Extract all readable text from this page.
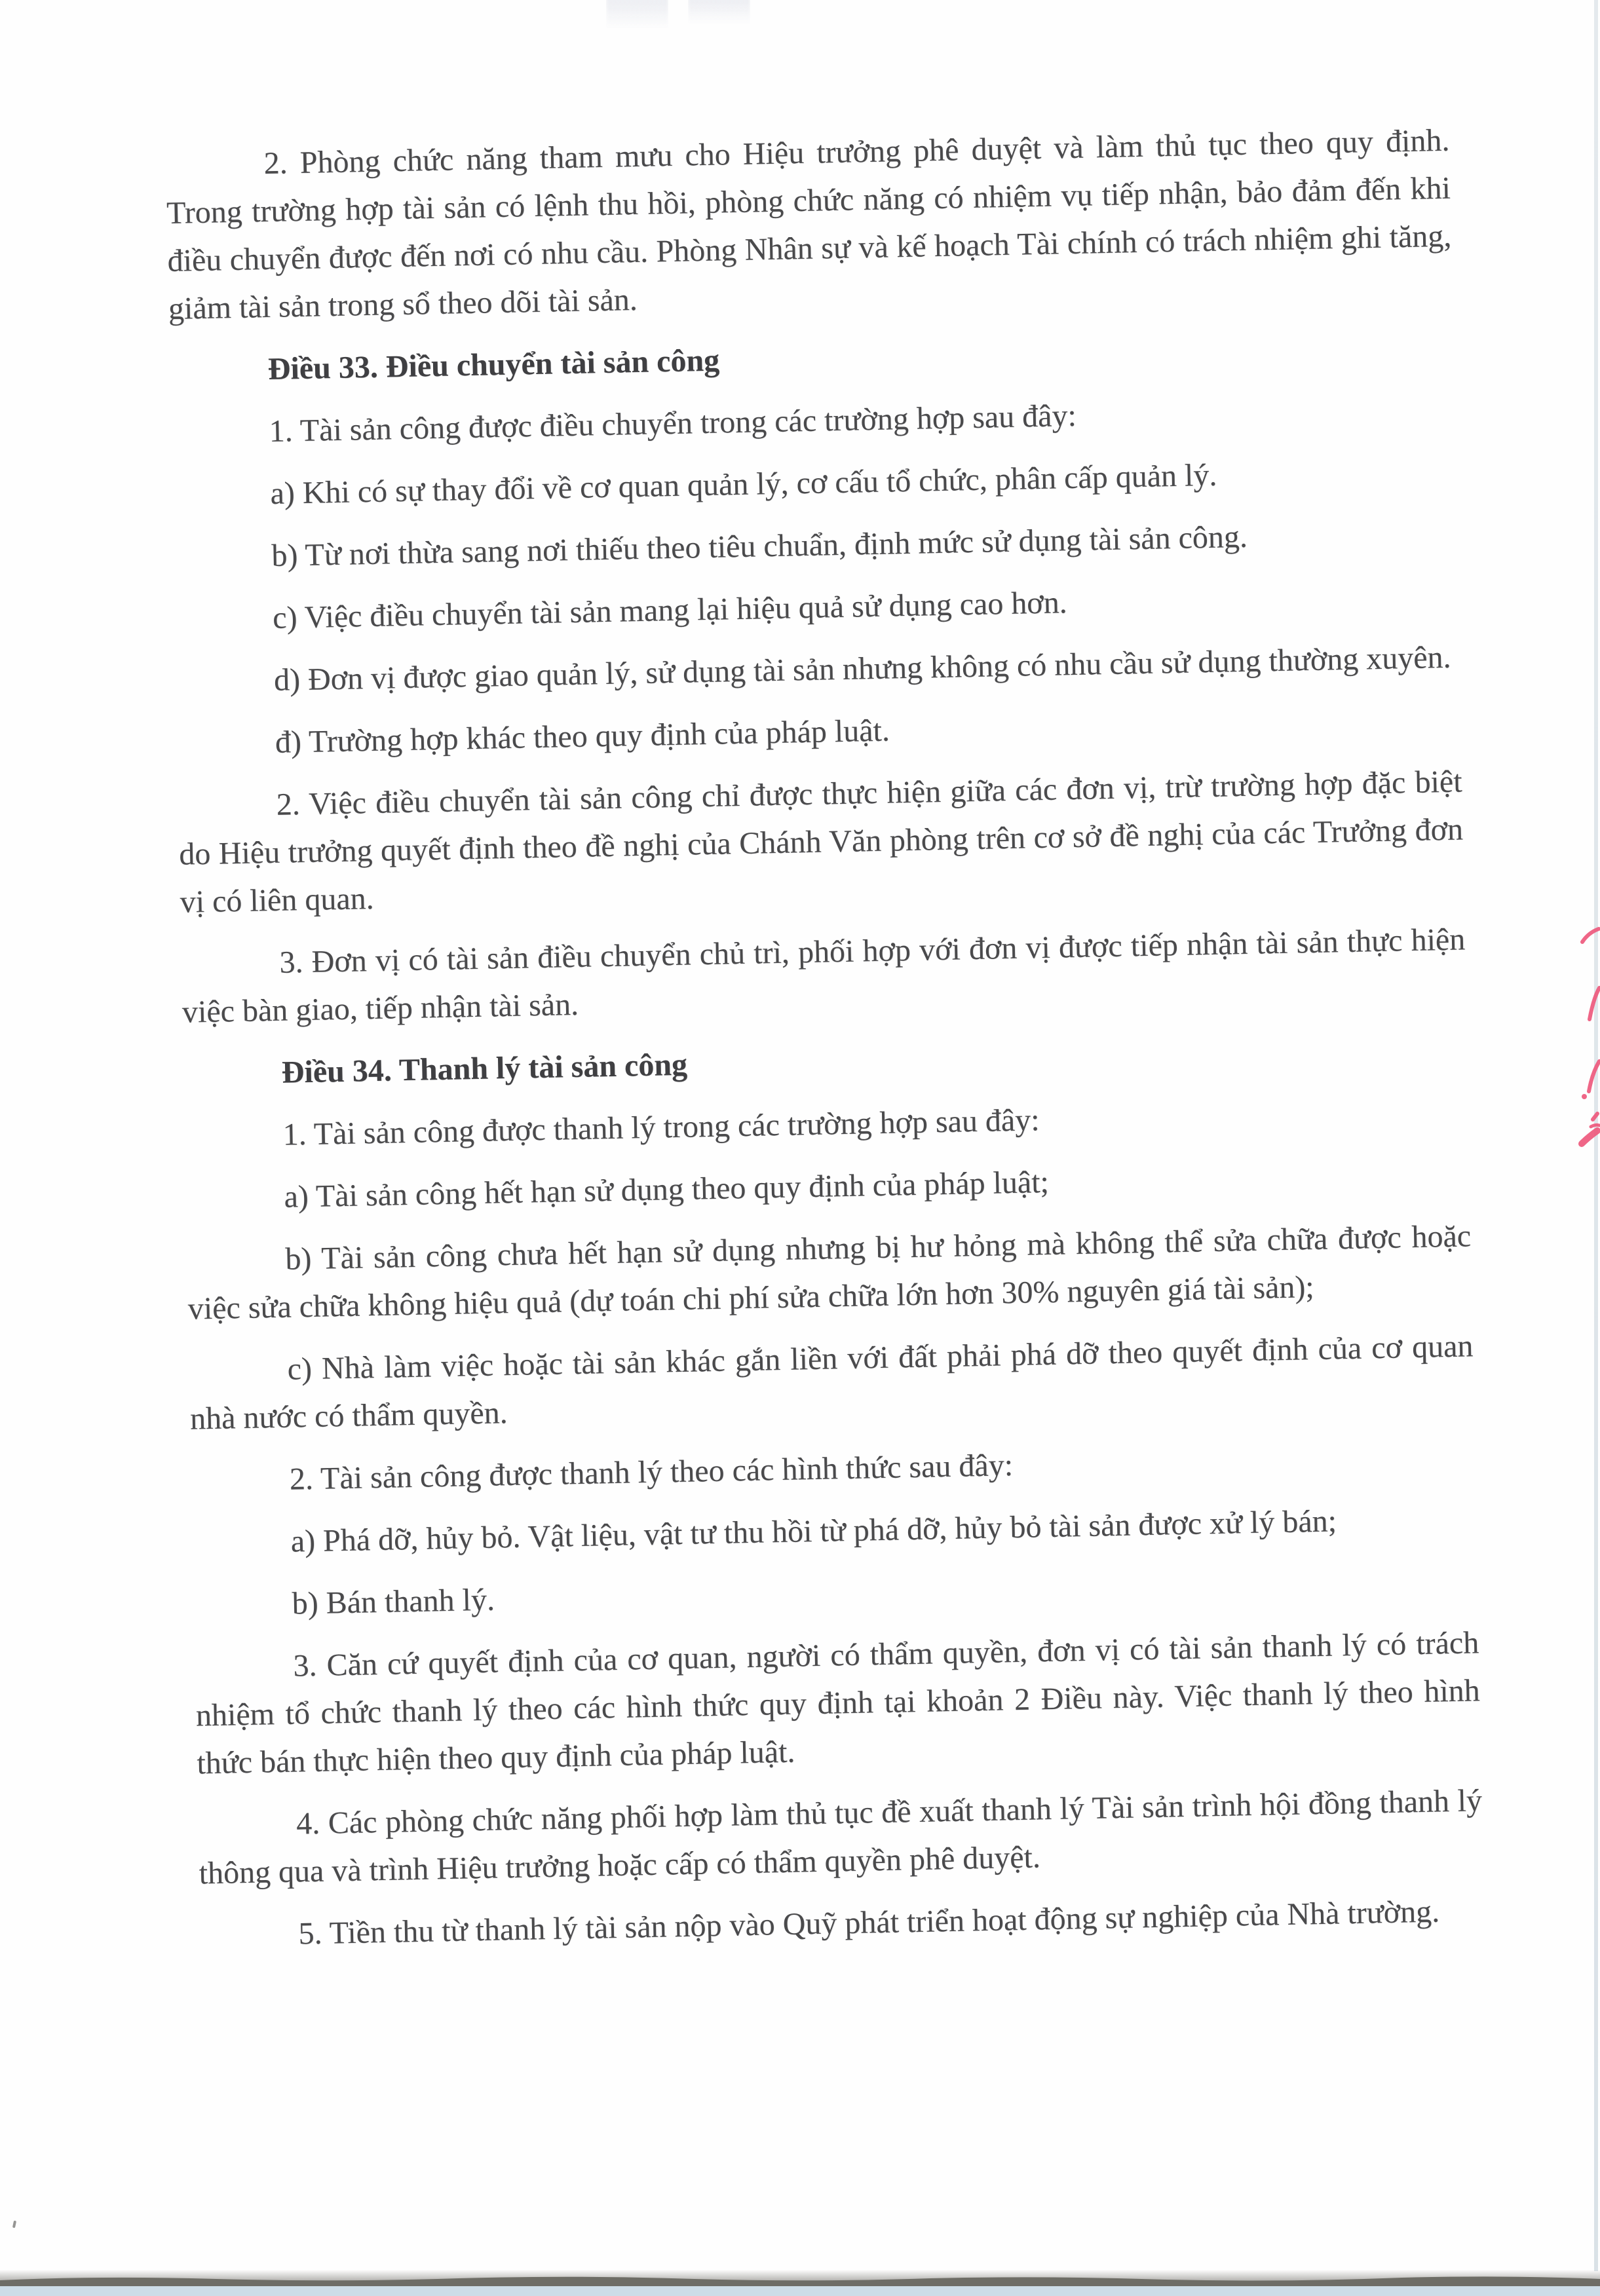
2. Phòng chức năng tham mưu cho Hiệu trưởng phê duyệt và làm thủ tục theo quy định. Trong trường hợp tài sản có lệnh thu hồi, phòng chức năng có nhiệm vụ tiếp nhận, bảo đảm đến khi điều chuyển được đến nơi có nhu cầu. Phòng Nhân sự và kế hoạch Tài chính có trách nhiệm ghi tăng, giảm tài sản trong sổ theo dõi tài sản.

Điều 33. Điều chuyển tài sản công

1. Tài sản công được điều chuyển trong các trường hợp sau đây:

a) Khi có sự thay đổi về cơ quan quản lý, cơ cấu tổ chức, phân cấp quản lý.

b) Từ nơi thừa sang nơi thiếu theo tiêu chuẩn, định mức sử dụng tài sản công.

c) Việc điều chuyển tài sản mang lại hiệu quả sử dụng cao hơn.

d) Đơn vị được giao quản lý, sử dụng tài sản nhưng không có nhu cầu sử dụng thường xuyên.

đ) Trường hợp khác theo quy định của pháp luật.

2. Việc điều chuyển tài sản công chỉ được thực hiện giữa các đơn vị, trừ trường hợp đặc biệt do Hiệu trưởng quyết định theo đề nghị của Chánh Văn phòng trên cơ sở đề nghị của các Trưởng đơn vị có liên quan.

3. Đơn vị có tài sản điều chuyển chủ trì, phối hợp với đơn vị được tiếp nhận tài sản thực hiện việc bàn giao, tiếp nhận tài sản.

Điều 34. Thanh lý tài sản công

1. Tài sản công được thanh lý trong các trường hợp sau đây:

a) Tài sản công hết hạn sử dụng theo quy định của pháp luật;

b) Tài sản công chưa hết hạn sử dụng nhưng bị hư hỏng mà không thể sửa chữa được hoặc việc sửa chữa không hiệu quả (dự toán chi phí sửa chữa lớn hơn 30% nguyên giá tài sản);

c) Nhà làm việc hoặc tài sản khác gắn liền với đất phải phá dỡ theo quyết định của cơ quan nhà nước có thẩm quyền.

2. Tài sản công được thanh lý theo các hình thức sau đây:

a) Phá dỡ, hủy bỏ. Vật liệu, vật tư thu hồi từ phá dỡ, hủy bỏ tài sản được xử lý bán;

b) Bán thanh lý.

3. Căn cứ quyết định của cơ quan, người có thẩm quyền, đơn vị có tài sản thanh lý có trách nhiệm tổ chức thanh lý theo các hình thức quy định tại khoản 2 Điều này. Việc thanh lý theo hình thức bán thực hiện theo quy định của pháp luật.

4. Các phòng chức năng phối hợp làm thủ tục đề xuất thanh lý Tài sản trình hội đồng thanh lý thông qua và trình Hiệu trưởng hoặc cấp có thẩm quyền phê duyệt.

5. Tiền thu từ thanh lý tài sản nộp vào Quỹ phát triển hoạt động sự nghiệp của Nhà trường.
